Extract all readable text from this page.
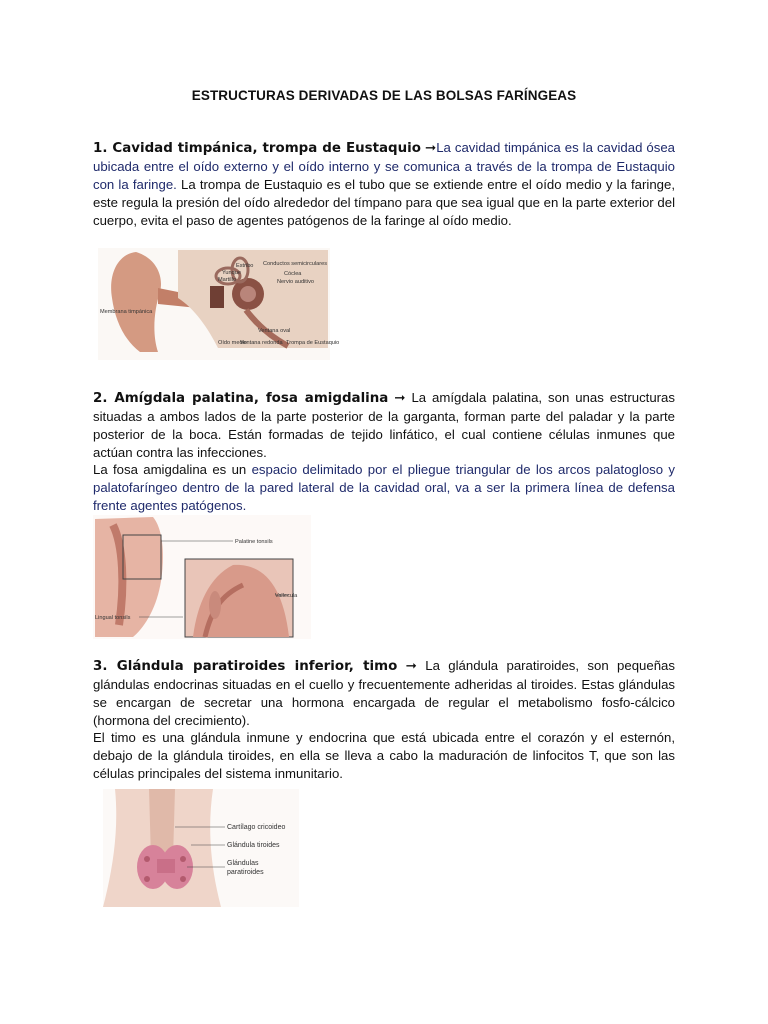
ESTRUCTURAS DERIVADAS DE LAS BOLSAS FARÍNGEAS

1. Cavidad timpánica, trompa de Eustaquio ➞La cavidad timpánica es la cavidad ósea ubicada entre el oído externo y el oído interno y se comunica a través de la trompa de Eustaquio con la faringe. La trompa de Eustaquio es el tubo que se extiende entre el oído medio y la faringe, este regula la presión del oído alrededor del tímpano para que sea igual que en la parte exterior del cuerpo, evita el paso de agentes patógenos de la faringe al oído medio.

Estribo
Yunque
Martillo
Conductos semicirculares
Cóclea
Nervio auditivo
Membrana timpánica
Ventana oval
Oído medio
Ventana redonda Trompa de Eustaquio

2. Amígdala palatina, fosa amigdalina ➞ La amígdala palatina, son unas estructuras situadas a ambos lados de la parte posterior de la garganta, forman parte del paladar y la parte posterior de la boca. Están formadas de tejido linfático, el cual contiene células inmunes que actúan contra las infecciones.

La fosa amigdalina es un espacio delimitado por el pliegue triangular de los arcos palatogloso y palatofaríngeo dentro de la pared lateral de la cavidad oral, va a ser la primera línea de defensa frente agentes patógenos.

Palatine tonsils
Vallecula
Lingual tonsils

3. Glándula paratiroides inferior, timo ➞ La glándula paratiroides, son pequeñas glándulas endocrinas situadas en el cuello y frecuentemente adheridas al tiroides. Estas glándulas se encargan de secretar una hormona encargada de regular el metabolismo fosfo-cálcico (hormona del crecimiento).

El timo es una glándula inmune y endocrina que está ubicada entre el corazón y el esternón, debajo de la glándula tiroides, en ella se lleva a cabo la maduración de linfocitos T, que son las células principales del sistema inmunitario.

Cartílago cricoideo
Glándula tiroides
Glándulas
paratiroides
